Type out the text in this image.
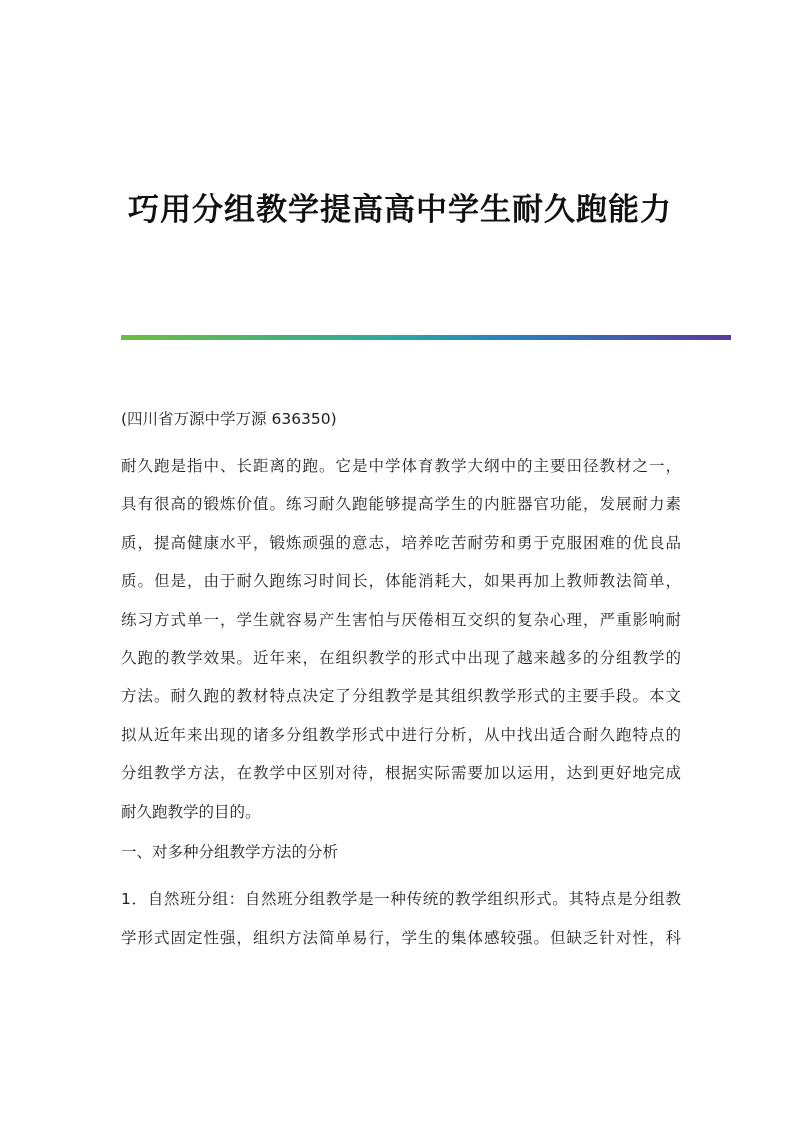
巧用分组教学提高高中学生耐久跑能力

(四川省万源中学万源 636350)

耐久跑是指中、长距离的跑。它是中学体育教学大纲中的主要田径教材之一，
具有很高的锻炼价值。练习耐久跑能够提高学生的内脏器官功能，发展耐力素
质，提高健康水平，锻炼顽强的意志，培养吃苦耐劳和勇于克服困难的优良品
质。但是，由于耐久跑练习时间长，体能消耗大，如果再加上教师教法简单，
练习方式单一，学生就容易产生害怕与厌倦相互交织的复杂心理，严重影响耐
久跑的教学效果。近年来，在组织教学的形式中出现了越来越多的分组教学的
方法。耐久跑的教材特点决定了分组教学是其组织教学形式的主要手段。本文
拟从近年来出现的诸多分组教学形式中进行分析，从中找出适合耐久跑特点的
分组教学方法，在教学中区别对待，根据实际需要加以运用，达到更好地完成
耐久跑教学的目的。

一、对多种分组教学方法的分析

1．自然班分组：自然班分组教学是一种传统的教学组织形式。其特点是分组教
学形式固定性强，组织方法简单易行，学生的集体感较强。但缺乏针对性，科
